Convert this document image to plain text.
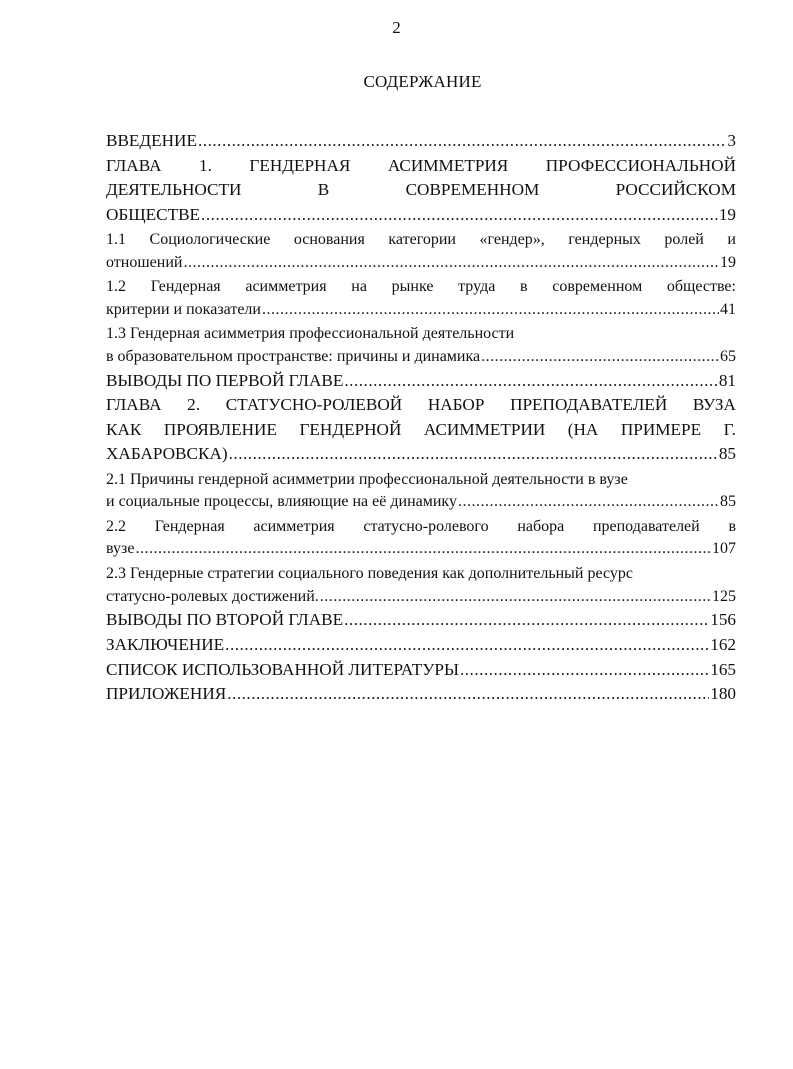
2
СОДЕРЖАНИЕ
ВВЕДЕНИЕ .....	3
ГЛАВА 1. ГЕНДЕРНАЯ АСИММЕТРИЯ ПРОФЕССИОНАЛЬНОЙ
ДЕЯТЕЛЬНОСТИ	В	СОВРЕМЕННОМ	РОССИЙСКОМ
ОБЩЕСТВЕ .....	19
1.1 Социологические основания категории «гендер», гендерных ролей и
отношений .....	19
1.2 Гендерная асимметрия на рынке труда в современном обществе:
критерии и показатели .....	41
1.3 Гендерная асимметрия профессиональной деятельности
в образовательном пространстве: причины и динамика .....	65
ВЫВОДЫ ПО ПЕРВОЙ ГЛАВЕ .....	81
ГЛАВА 2. СТАТУСНО-РОЛЕВОЙ НАБОР ПРЕПОДАВАТЕЛЕЙ ВУЗА
КАК ПРОЯВЛЕНИЕ ГЕНДЕРНОЙ АСИММЕТРИИ (НА ПРИМЕРЕ Г.
ХАБАРОВСКА) .....	85
2.1 Причины гендерной асимметрии профессиональной деятельности в вузе
и социальные процессы, влияющие на её динамику .....	85
2.2 Гендерная асимметрия статусно-ролевого набора преподавателей в
вузе .....	107
2.3 Гендерные стратегии социального поведения как дополнительный ресурс
статусно-ролевых достижений. .....	125
ВЫВОДЫ ПО ВТОРОЙ ГЛАВЕ .....	156
ЗАКЛЮЧЕНИЕ .....	162
СПИСОК ИСПОЛЬЗОВАННОЙ ЛИТЕРАТУРЫ .....	165
ПРИЛОЖЕНИЯ .....	180
